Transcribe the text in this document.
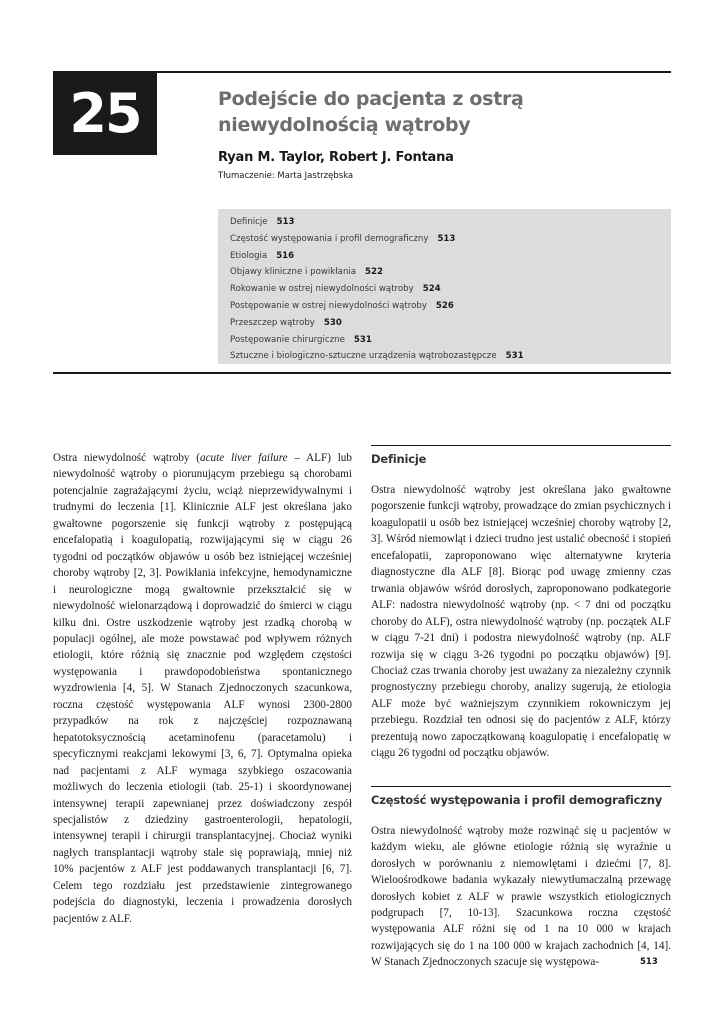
25	Podejście do pacjenta z ostrą niewydolnością wątroby
Ryan M. Taylor, Robert J. Fontana
Tłumaczenie: Marta Jastrzębska
Definicje 513
Częstość występowania i profil demograficzny 513
Etiologia 516
Objawy kliniczne i powikłania 522
Rokowanie w ostrej niewydolności wątroby 524
Postępowanie w ostrej niewydolności wątroby 526
Przeszczep wątroby 530
Postępowanie chirurgiczne 531
Sztuczne i biologiczno-sztuczne urządzenia wątrobozastępcze 531
Ostra niewydolność wątroby (acute liver failure – ALF) lub niewydolność wątroby o piorunującym przebiegu są chorobami potencjalnie zagrażającymi życiu, wciąż nieprzewidywalnymi i trudnymi do leczenia [1]. Klinicznie ALF jest określana jako gwałtowne pogorszenie się funkcji wątroby z postępującą encefalopatią i koagulopatią, rozwijającymi się w ciągu 26 tygodni od początków objawów u osób bez istniejącej wcześniej choroby wątroby [2, 3]. Powikłania infekcyjne, hemodynamiczne i neurologiczne mogą gwałtownie przekształcić się w niewydolność wielonarządową i doprowadzić do śmierci w ciągu kilku dni. Ostre uszkodzenie wątroby jest rzadką chorobą w populacji ogólnej, ale może powstawać pod wpływem różnych etiologii, które różnią się znacznie pod względem częstości występowania i prawdopodobieństwa spontanicznego wyzdrowienia [4, 5]. W Stanach Zjednoczonych szacunkowa, roczna częstość występowania ALF wynosi 2300-2800 przypadków na rok z najczęściej rozpoznawaną hepatotoksycznością acetaminofenu (paracetamolu) i specyficznymi reakcjami lekowymi [3, 6, 7]. Optymalna opieka nad pacjentami z ALF wymaga szybkiego oszacowania możliwych do leczenia etiologii (tab. 25-1) i skoordynowanej intensywnej terapii zapewnianej przez doświadczony zespół specjalistów z dziedziny gastroenterologii, hepatologii, intensywnej terapii i chirurgii transplantacyjnej. Chociaż wyniki nagłych transplantacji wątroby stale się poprawiają, mniej niż 10% pacjentów z ALF jest poddawanych transplantacji [6, 7]. Celem tego rozdziału jest przedstawienie zintegrowanego podejścia do diagnostyki, leczenia i prowadzenia dorosłych pacjentów z ALF.
Definicje

Ostra niewydolność wątroby jest określana jako gwałtowne pogorszenie funkcji wątroby, prowadzące do zmian psychicznych i koagulopatii u osób bez istniejącej wcześniej choroby wątroby [2, 3]. Wśród niemowląt i dzieci trudno jest ustalić obecność i stopień encefalopatii, zaproponowano więc alternatywne kryteria diagnostyczne dla ALF [8]. Biorąc pod uwagę zmienny czas trwania objawów wśród dorosłych, zaproponowano podkategorie ALF: nadostra niewydolność wątroby (np. < 7 dni od początku choroby do ALF), ostra niewydolność wątroby (np. początek ALF w ciągu 7-21 dni) i podostra niewydolność wątroby (np. ALF rozwija się w ciągu 3-26 tygodni po początku objawów) [9]. Chociaż czas trwania choroby jest uważany za niezależny czynnik prognostyczny przebiegu choroby, analizy sugerują, że etiologia ALF może być ważniejszym czynnikiem rokowniczym jej przebiegu. Rozdział ten odnosi się do pacjentów z ALF, którzy prezentują nowo zapoczątkowaną koagulopatię i encefalopatię w ciągu 26 tygodni od początku objawów.

Częstość występowania i profil demograficzny

Ostra niewydolność wątroby może rozwinąć się u pacjentów w każdym wieku, ale główne etiologie różnią się wyraźnie u dorosłych w porównaniu z niemowlętami i dziećmi [7, 8]. Wieloośrodkowe badania wykazały niewytłumaczalną przewagę dorosłych kobiet z ALF w prawie wszystkich etiologicznych podgrupach [7, 10-13]. Szacunkowa roczna częstość występowania ALF różni się od 1 na 10 000 w krajach rozwijających się do 1 na 100 000 w krajach zachodnich [4, 14]. W Stanach Zjednoczonych szacuje się występowa-	513
